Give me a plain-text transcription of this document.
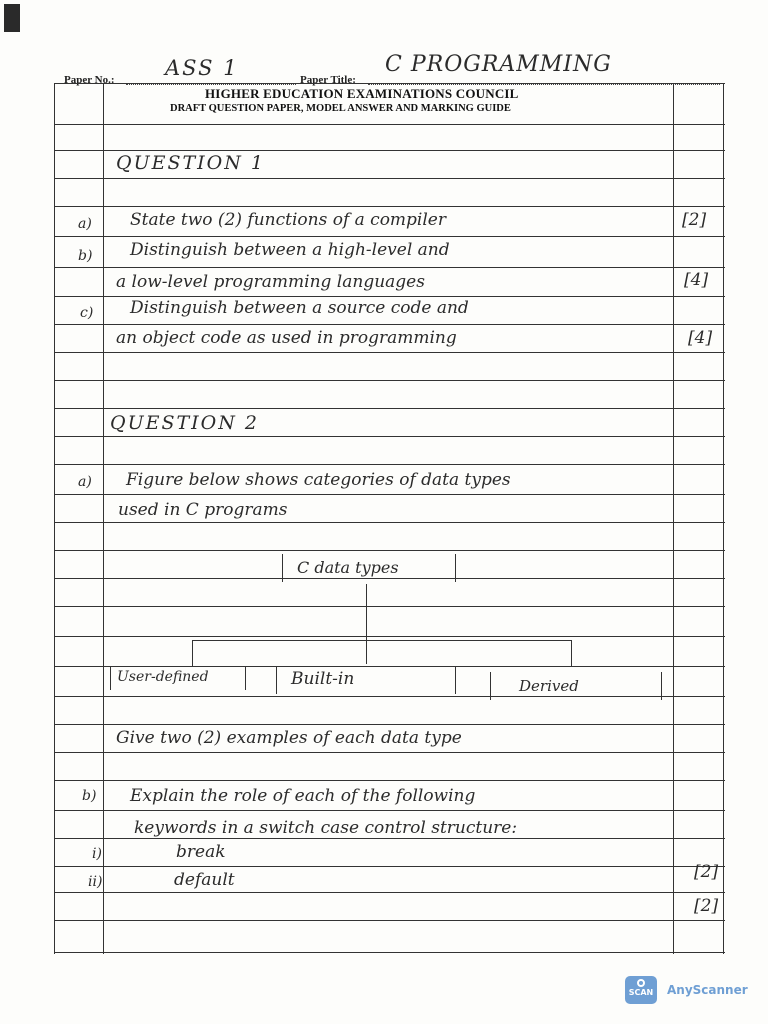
Paper No.: ASS 1	Paper Title:
C PROGRAMMING
HIGHER EDUCATION EXAMINATIONS COUNCIL
DRAFT QUESTION PAPER, MODEL ANSWER AND MARKING GUIDE
QUESTION 1
a) State two (2) functions of a compiler	[2]
b) Distinguish between a high-level and
a low-level programming languages	[4]
c) Distinguish between a source code and
an object code as used in programming	[4]
QUESTION 2
a) Figure below shows categories of data types
used in C programs
C data types
User-defined	Built-in	Derived
Give two (2) examples of each data type
b) Explain the role of each of the following
keywords in a switch case control structure:
i)	break
ii)	default	[2]
[2]
SCAN	AnyScanner
